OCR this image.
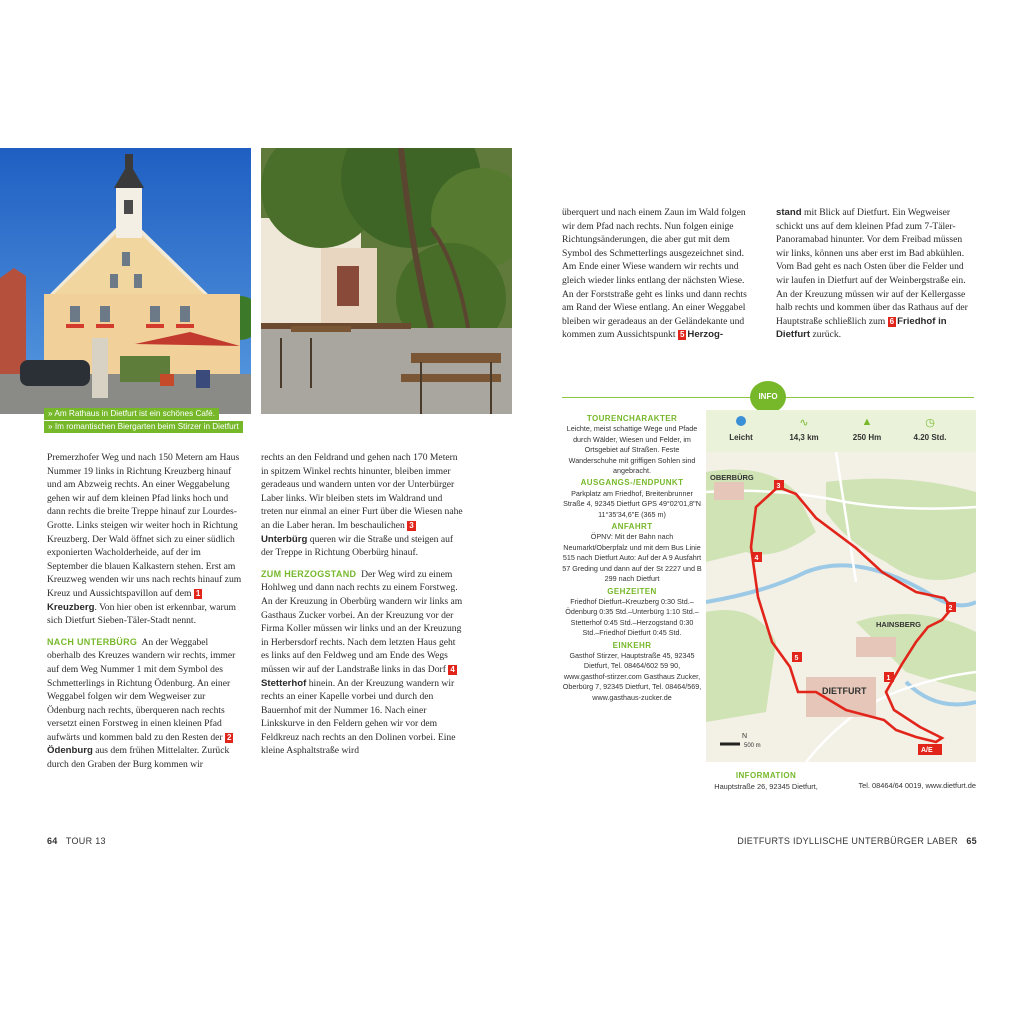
» Am Rathaus in Dietfurt ist ein schönes Café.
» Im romantischen Biergarten beim Stirzer in Dietfurt

Premerzhofer Weg und nach 150 Metern am Haus Nummer 19 links in Richtung Kreuzberg hinauf und am Abzweig rechts. An einer Weggabelung gehen wir auf dem kleinen Pfad links hoch und dann rechts die breite Treppe hinauf zur Lourdes-Grotte. Links steigen wir weiter hoch in Richtung Kreuzberg. Der Wald öffnet sich zu einer südlich exponierten Wacholderheide, auf der im September die blauen Kalkastern stehen. Erst am Kreuzweg wenden wir uns nach rechts hinauf zum Kreuz und Aussichtspavillon auf dem 1Kreuzberg. Von hier oben ist erkennbar, warum sich Dietfurt Sieben-Täler-Stadt nennt.

NACH UNTERBÜRG An der Weggabel oberhalb des Kreuzes wandern wir rechts, immer auf dem Weg Nummer 1 mit dem Symbol des Schmetterlings in Richtung Ödenburg. An einer Weggabel folgen wir dem Wegweiser zur Ödenburg nach rechts, überqueren nach rechts versetzt einen Forstweg in einen kleinen Pfad aufwärts und kommen bald zu den Resten der 2Ödenburg aus dem frühen Mittelalter. Zurück durch den Graben der Burg kommen wir

rechts an den Feldrand und gehen nach 170 Metern in spitzem Winkel rechts hinunter, bleiben immer geradeaus und wandern unten vor der Unterbürger Laber links. Wir bleiben stets im Waldrand und treten nur einmal an einer Furt über die Wiesen nahe an die Laber heran. Im beschaulichen 3Unterbürg queren wir die Straße und steigen auf der Treppe in Richtung Oberbürg hinauf.

ZUM HERZOGSTAND Der Weg wird zu einem Hohlweg und dann nach rechts zu einem Forstweg. An der Kreuzung in Oberbürg wandern wir links am Gasthaus Zucker vorbei. An der Kreuzung vor der Firma Koller müssen wir links und an der Kreuzung in Herbersdorf rechts. Nach dem letzten Haus geht es links auf den Feldweg und am Ende des Wegs müssen wir auf der Landstraße links in das Dorf 4Stetterhof hinein. An der Kreuzung wandern wir rechts an einer Kapelle vorbei und durch den Bauernhof mit der Nummer 16. Nach einer Linkskurve in den Feldern gehen wir vor dem Feldkreuz nach rechts an den Dolinen vorbei. Eine kleine Asphaltstraße wird

64 TOUR 13

überquert und nach einem Zaun im Wald folgen wir dem Pfad nach rechts. Nun folgen einige Richtungsänderungen, die aber gut mit dem Symbol des Schmetterlings ausgezeichnet sind. Am Ende einer Wiese wandern wir rechts und gleich wieder links entlang der nächsten Wiese. An der Forststraße geht es links und dann rechts am Rand der Wiese entlang. An einer Weggabel bleiben wir geradeaus an der Geländekante und kommen zum Aussichtspunkt 5 Herzog-

stand mit Blick auf Dietfurt. Ein Wegweiser schickt uns auf dem kleinen Pfad zum 7-Täler-Panoramabad hinunter. Vor dem Freibad müssen wir links, können uns aber erst im Bad abkühlen. Vom Bad geht es nach Osten über die Felder und wir laufen in Dietfurt auf der Weinbergstraße ein. An der Kreuzung müssen wir auf der Kellergasse halb rechts und kommen über das Rathaus auf der Hauptstraße schließlich zum 6 Friedhof in Dietfurt zurück.

INFO
TOURENCHARAKTER

Leichte, meist schattige Wege und Pfade durch Wälder, Wiesen und Felder, im Ortsgebiet auf Straßen. Feste Wanderschuhe mit griffigen Sohlen sind angebracht.

AUSGANGS-/ENDPUNKT

Parkplatz am Friedhof, Breitenbrunner Straße 4, 92345 Dietfurt GPS 49°02'01,8"N 11°35'34,6"E (365 m)

ANFAHRT

ÖPNV: Mit der Bahn nach Neumarkt/Oberpfalz und mit dem Bus Linie 515 nach Dietfurt Auto: Auf der A 9 Ausfahrt 57 Greding und dann auf der St 2227 und B 299 nach Dietfurt

GEHZEITEN

Friedhof Dietfurt–Kreuzberg 0:30 Std.–Ödenburg 0:35 Std.–Unterbürg 1:10 Std.–Stetterhof 0:45 Std.–Herzogstand 0:30 Std.–Friedhof Dietfurt 0:45 Std.

EINKEHR

Gasthof Stirzer, Hauptstraße 45, 92345 Dietfurt, Tel. 08464/602 59 90, www.gasthof-stirzer.com Gasthaus Zucker, Oberbürg 7, 92345 Dietfurt, Tel. 08464/569, www.gasthaus-zucker.de

Leicht
∿
14,3 km
▲
250 Hm
◷
4.20 Std.
3
4
5
1
2
A/E
OBERBÜRG
HAINSBERG
DIETFURT
500 m
N
INFORMATION
Hauptstraße 26, 92345 Dietfurt,	Tel. 08464/64 0019, www.dietfurt.de
DIETFURTS IDYLLISCHE UNTERBÜRGER LABER 65
